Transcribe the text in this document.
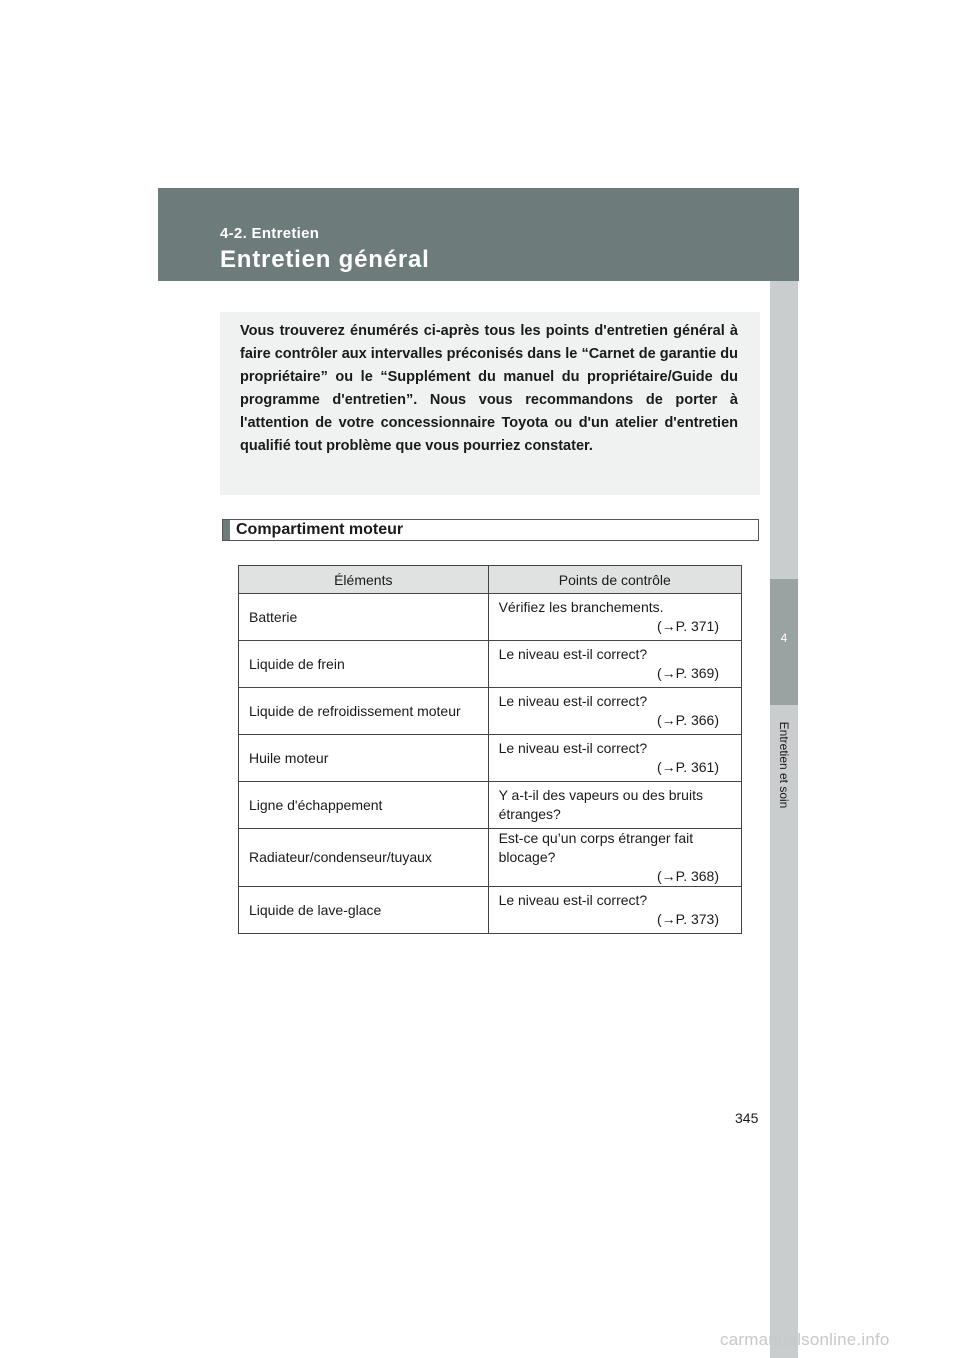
4-2. Entretien
Entretien général
4
Entretien et soin

Vous trouverez énumérés ci-après tous les points d'entretien général à faire contrôler aux intervalles préconisés dans le “Carnet de garantie du propriétaire” ou le “Supplément du manuel du propriétaire/Guide du programme d'entretien”. Nous vous recommandons de porter à l'attention de votre concessionnaire Toyota ou d'un atelier d'entretien qualifié tout problème que vous pourriez constater.

Compartiment moteur
Éléments	Points de contrôle
Batterie	Vérifiez les branchements.
(→P. 371)

Liquide de frein	Le niveau est-il correct?
(→P. 369)

Liquide de refroidissement moteur	Le niveau est-il correct?
(→P. 366)

Huile moteur	Le niveau est-il correct?
(→P. 361)

Ligne d'échappement	Y a-t-il des vapeurs ou des bruits étranges?
Radiateur/condenseur/tuyaux	Est-ce qu’un corps étranger fait blocage?
(→P. 368)

Liquide de lave-glace	Le niveau est-il correct?
(→P. 373)
345
carmanualsonline.info
